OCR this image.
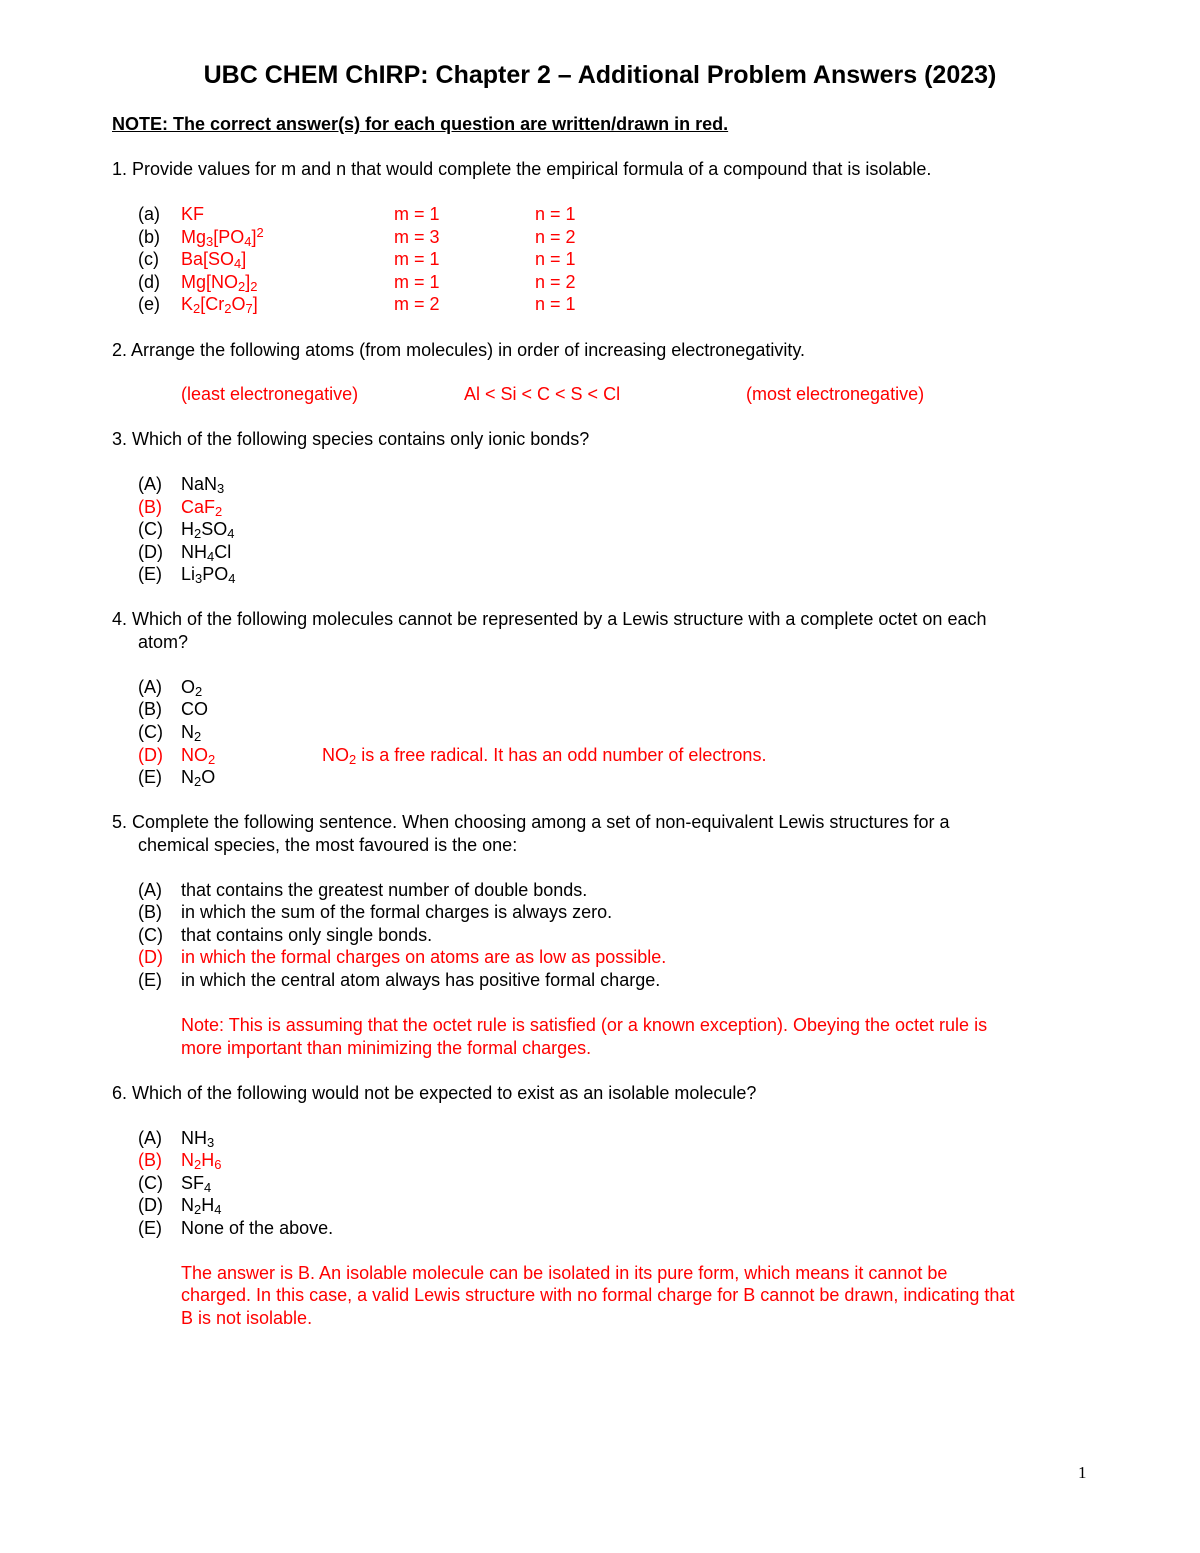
UBC CHEM ChIRP: Chapter 2 – Additional Problem Answers (2023)
NOTE: The correct answer(s) for each question are written/drawn in red.
1. Provide values for m and n that would complete the empirical formula of a compound that is isolable.
(a) KF	m = 1	n = 1
(b) $Mg_3[PO_4]^2$	m = 3	n = 2
(c) $Ba[SO_4]$	m = 1	n = 1
(d) $Mg[NO_2]_2$	m = 1	n = 2
(e) $K_2[Cr_2O_7]$	m = 2	n = 1
2. Arrange the following atoms (from molecules) in order of increasing electronegativity.
(least electronegative)	Al < Si < C < S < Cl	(most electronegative)
3. Which of the following species contains only ionic bonds?
(A) NaN$_3$
(B) CaF$_2$
(C) $H_2SO_4$
(D) $NH_4Cl$
(E) $Li_3PO_4$
4. Which of the following molecules cannot be represented by a Lewis structure with a complete octet on each
atom?
(A) $O_2$
(B) CO
(C) $N_2$
(D) $NO_2$	$NO_2$ is a free radical. It has an odd number of electrons.
(E) $N_2O$
5. Complete the following sentence. When choosing among a set of non-equivalent Lewis structures for a
chemical species, the most favoured is the one:
(A) that contains the greatest number of double bonds.
(B) in which the sum of the formal charges is always zero.
(C) that contains only single bonds.
(D) in which the formal charges on atoms are as low as possible.
(E) in which the central atom always has positive formal charge.
Note: This is assuming that the octet rule is satisfied (or a known exception). Obeying the octet rule is
more important than minimizing the formal charges.
6. Which of the following would not be expected to exist as an isolable molecule?
(A) $NH_3$
(B) $N_2H_6$
(C) $SF_4$
(D) $N_2H_4$
(E) None of the above.
The answer is B. An isolable molecule can be isolated in its pure form, which means it cannot be
charged. In this case, a valid Lewis structure with no formal charge for B cannot be drawn, indicating that
B is not isolable.
1
